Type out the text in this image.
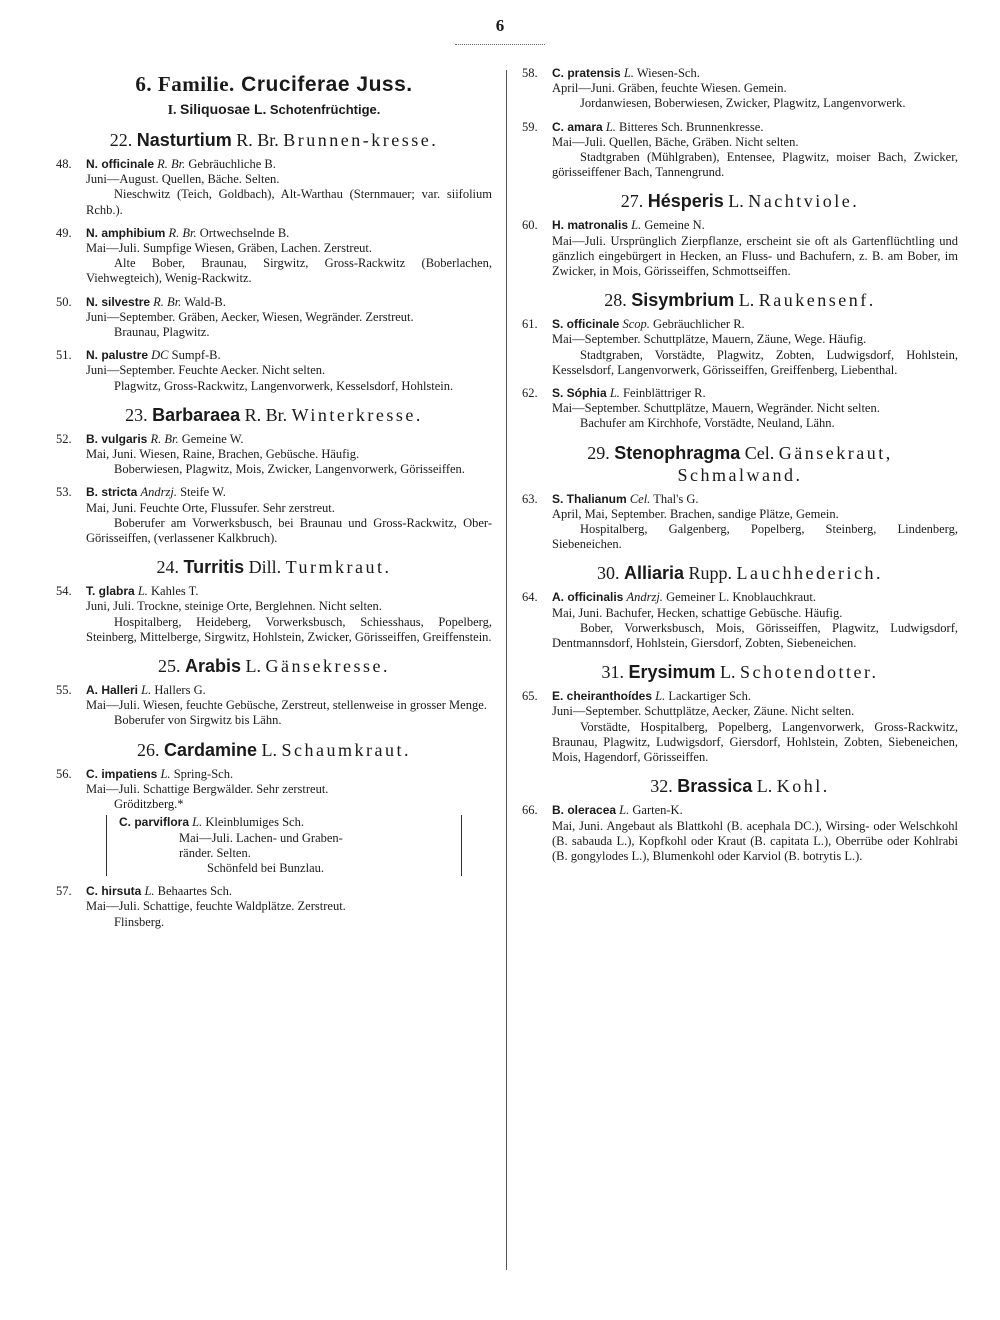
6
6. Familie. Cruciferae Juss.
I. Siliquosae L. Schotenfrüchtige.
22. Nasturtium R. Br. Brunnen-kresse.
48.	N. officinale R. Br. Gebräuchliche B.
Juni—August. Quellen, Bäche. Selten.
Nieschwitz (Teich, Goldbach), Alt-Warthau (Sternmauer; var. siifolium Rchb.).
49.	N. amphibium R. Br. Ortwechselnde B.
Mai—Juli. Sumpfige Wiesen, Gräben, Lachen. Zerstreut.
Alte Bober, Braunau, Sirgwitz, Gross-Rackwitz (Boberlachen, Viehwegteich), Wenig-Rackwitz.
50.	N. silvestre R. Br. Wald-B.
Juni—September. Gräben, Aecker, Wiesen, Wegränder. Zerstreut.
Braunau, Plagwitz.
51.	N. palustre DC Sumpf-B.
Juni—September. Feuchte Aecker. Nicht selten.
Plagwitz, Gross-Rackwitz, Langenvorwerk, Kesselsdorf, Hohlstein.
23. Barbaraea R. Br. Winterkresse.
52.	B. vulgaris R. Br. Gemeine W.
Mai, Juni. Wiesen, Raine, Brachen, Gebüsche. Häufig.
Boberwiesen, Plagwitz, Mois, Zwicker, Langenvorwerk, Görisseiffen.
53.	B. stricta Andrzj. Steife W.
Mai, Juni. Feuchte Orte, Flussufer. Sehr zerstreut.
Boberufer am Vorwerksbusch, bei Braunau und Gross-Rackwitz, Ober-Görisseiffen, (verlassener Kalkbruch).
24. Turritis Dill. Turmkraut.
54.	T. glabra L. Kahles T.
Juni, Juli. Trockne, steinige Orte, Berglehnen. Nicht selten.
Hospitalberg, Heideberg, Vorwerksbusch, Schiesshaus, Popelberg, Steinberg, Mittelberge, Sirgwitz, Hohlstein, Zwicker, Görisseiffen, Greiffenstein.
25. Arabis L. Gänsekresse.
55.	A. Halleri L. Hallers G.
Mai—Juli. Wiesen, feuchte Gebüsche, Zerstreut, stellenweise in grosser Menge.
Boberufer von Sirgwitz bis Lähn.
26. Cardamine L. Schaumkraut.
56.	C. impatiens L. Spring-Sch.
Mai—Juli. Schattige Bergwälder. Sehr zerstreut.
Gröditzberg.*
C. parviflora L. Kleinblumiges Sch.
Mai—Juli. Lachen- und Graben-
ränder. Selten.
Schönfeld bei Bunzlau.
57.	C. hirsuta L. Behaartes Sch.
Mai—Juli. Schattige, feuchte Waldplätze. Zerstreut.
Flinsberg.
58.	C. pratensis L. Wiesen-Sch.
April—Juni. Gräben, feuchte Wiesen. Gemein.
Jordanwiesen, Boberwiesen, Zwicker, Plagwitz, Langenvorwerk.
59.	C. amara L. Bitteres Sch. Brunnenkresse.
Mai—Juli. Quellen, Bäche, Gräben. Nicht selten.
Stadtgraben (Mühlgraben), Entensee, Plagwitz, moiser Bach, Zwicker, görisseiffener Bach, Tannengrund.
27. Hésperis L. Nachtviole.
60.	H. matronalis L. Gemeine N.
Mai—Juli. Ursprünglich Zierpflanze, erscheint sie oft als Gartenflüchtling und gänzlich eingebürgert in Hecken, an Fluss- und Bachufern, z. B. am Bober, im Zwicker, in Mois, Görisseiffen, Schmottseiffen.
28. Sisymbrium L. Raukensenf.
61.	S. officinale Scop. Gebräuchlicher R.
Mai—September. Schuttplätze, Mauern, Zäune, Wege. Häufig.
Stadtgraben, Vorstädte, Plagwitz, Zobten, Ludwigsdorf, Hohlstein, Kesselsdorf, Langenvorwerk, Görisseiffen, Greiffenberg, Liebenthal.
62.	S. Sóphia L. Feinblättriger R.
Mai—September. Schuttplätze, Mauern, Wegränder. Nicht selten.
Bachufer am Kirchhofe, Vorstädte, Neuland, Lähn.
29. Stenophragma Cel. Gänsekraut, Schmalwand.
63.	S. Thalianum Cel. Thal's G.
April, Mai, September. Brachen, sandige Plätze, Gemein.
Hospitalberg, Galgenberg, Popelberg, Steinberg, Lindenberg, Siebeneichen.
30. Alliaria Rupp. Lauchhederich.
64.	A. officinalis Andrzj. Gemeiner L. Knoblauchkraut.
Mai, Juni. Bachufer, Hecken, schattige Gebüsche. Häufig.
Bober, Vorwerksbusch, Mois, Görisseiffen, Plagwitz, Ludwigsdorf, Dentmannsdorf, Hohlstein, Giersdorf, Zobten, Siebeneichen.
31. Erysimum L. Schotendotter.
65.	E. cheiranthoídes L. Lackartiger Sch.
Juni—September. Schuttplätze, Aecker, Zäune. Nicht selten.
Vorstädte, Hospitalberg, Popelberg, Langenvorwerk, Gross-Rackwitz, Braunau, Plagwitz, Ludwigsdorf, Giersdorf, Hohlstein, Zobten, Siebeneichen, Mois, Hagendorf, Görisseiffen.
32. Brassica L. Kohl.
66.	B. oleracea L. Garten-K.
Mai, Juni. Angebaut als Blattkohl (B. acephala DC.), Wirsing- oder Welschkohl (B. sabauda L.), Kopfkohl oder Kraut (B. capitata L.), Oberrübe oder Kohlrabi (B. gongylodes L.), Blumenkohl oder Karviol (B. botrytis L.).
